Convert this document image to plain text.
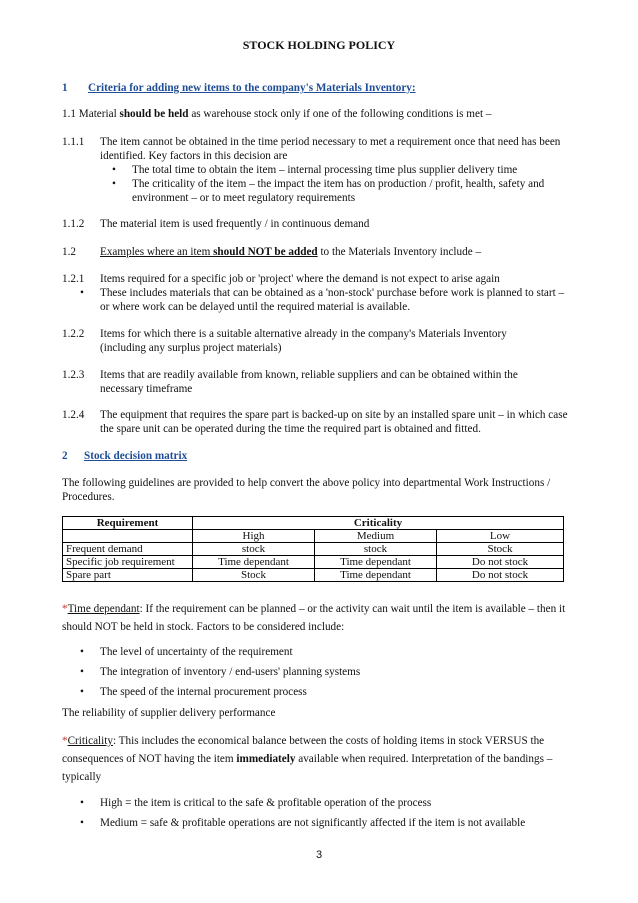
STOCK HOLDING POLICY
1 Criteria for adding new items to the company's Materials Inventory:
1.1 Material should be held as warehouse stock only if one of the following conditions is met –
1.1.1	The item cannot be obtained in the time period necessary to met a requirement once that need has been identified. Key factors in this decision are
• The total time to obtain the item – internal processing time plus supplier delivery time
• The criticality of the item – the impact the item has on production / profit, health, safety and environment – or to meet regulatory requirements
1.1.2	The material item is used frequently / in continuous demand
1.2	Examples where an item should NOT be added to the Materials Inventory include –
1.2.1	Items required for a specific job or 'project' where the demand is not expect to arise again
• These includes materials that can be obtained as a 'non-stock' purchase before work is planned to start – or where work can be delayed until the required material is available.
1.2.2	Items for which there is a suitable alternative already in the company's Materials Inventory (including any surplus project materials)
1.2.3	Items that are readily available from known, reliable suppliers and can be obtained within the necessary timeframe
1.2.4	The equipment that requires the spare part is backed-up on site by an installed spare unit – in which case the spare unit can be operated during the time the required part is obtained and fitted.
2 Stock decision matrix
The following guidelines are provided to help convert the above policy into departmental Work Instructions / Procedures.
Requirement	Criticality		
	High	Medium	Low
Frequent demand	stock	stock	Stock
Specific job requirement	Time dependant	Time dependant	Do not stock
Spare part	Stock	Time dependant	Do not stock
*Time dependant: If the requirement can be planned – or the activity can wait until the item is available – then it should NOT be held in stock. Factors to be considered include:
• The level of uncertainty of the requirement
• The integration of inventory / end-users' planning systems
• The speed of the internal procurement process
The reliability of supplier delivery performance
*Criticality: This includes the economical balance between the costs of holding items in stock VERSUS the consequences of NOT having the item immediately available when required. Interpretation of the bandings – typically
• High = the item is critical to the safe & profitable operation of the process
• Medium = safe & profitable operations are not significantly affected if the item is not available
3
